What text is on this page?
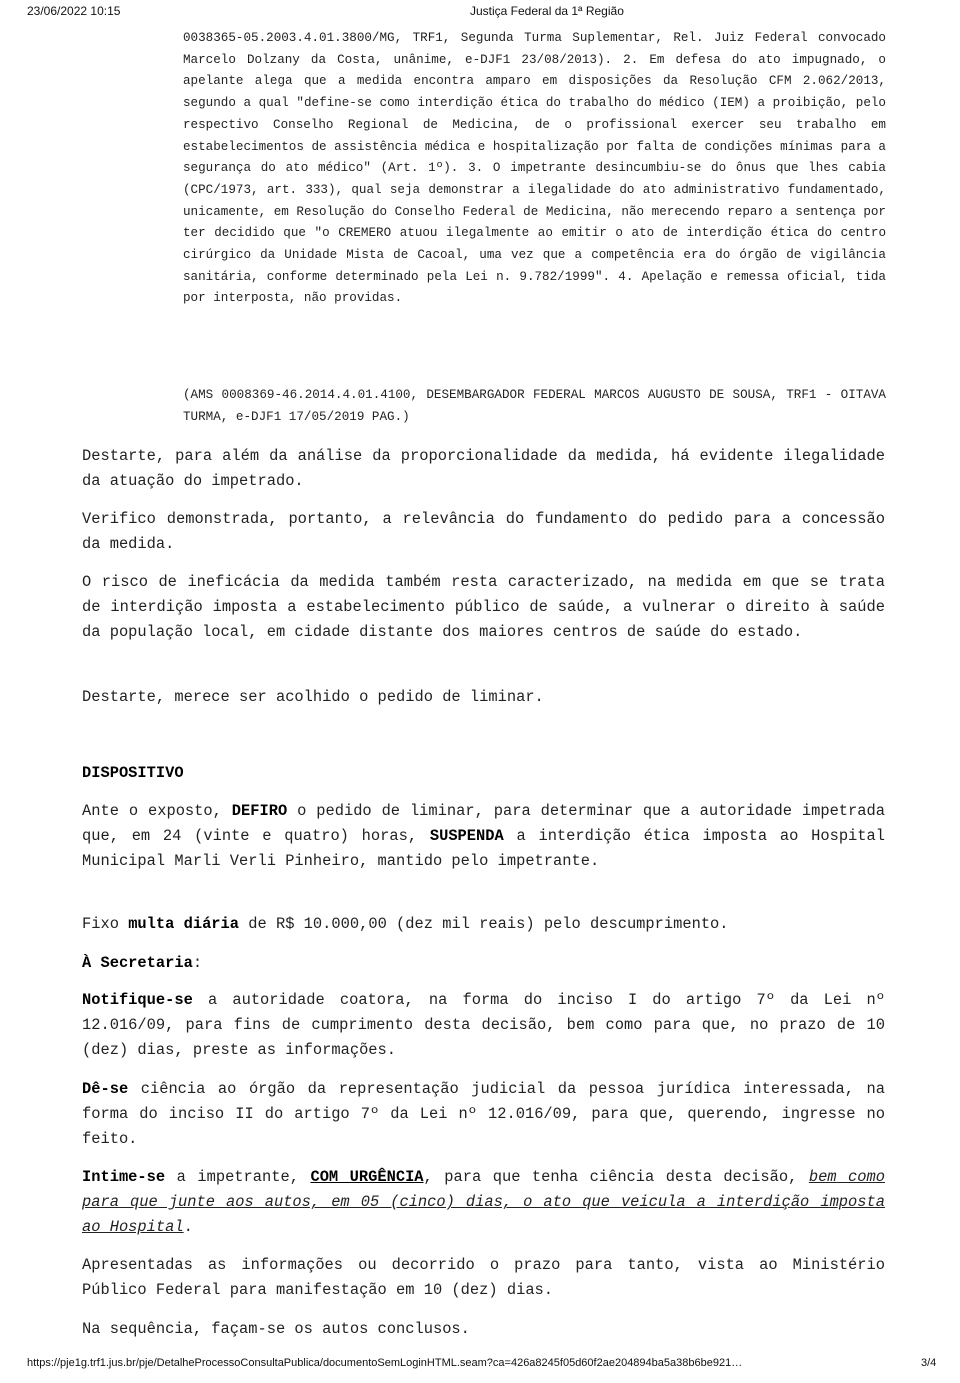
23/06/2022 10:15	Justiça Federal da 1ª Região

0038365-05.2003.4.01.3800/MG, TRF1, Segunda Turma Suplementar, Rel. Juiz Federal convocado Marcelo Dolzany da Costa, unânime, e-DJF1 23/08/2013). 2. Em defesa do ato impugnado, o apelante alega que a medida encontra amparo em disposições da Resolução CFM 2.062/2013, segundo a qual "define-se como interdição ética do trabalho do médico (IEM) a proibição, pelo respectivo Conselho Regional de Medicina, de o profissional exercer seu trabalho em estabelecimentos de assistência médica e hospitalização por falta de condições mínimas para a segurança do ato médico" (Art. 1º). 3. O impetrante desincumbiu-se do ônus que lhes cabia (CPC/1973, art. 333), qual seja demonstrar a ilegalidade do ato administrativo fundamentado, unicamente, em Resolução do Conselho Federal de Medicina, não merecendo reparo a sentença por ter decidido que "o CREMERO atuou ilegalmente ao emitir o ato de interdição ética do centro cirúrgico da Unidade Mista de Cacoal, uma vez que a competência era do órgão de vigilância sanitária, conforme determinado pela Lei n. 9.782/1999". 4. Apelação e remessa oficial, tida por interposta, não providas.

(AMS 0008369-46.2014.4.01.4100, DESEMBARGADOR FEDERAL MARCOS AUGUSTO DE SOUSA, TRF1 - OITAVA TURMA, e-DJF1 17/05/2019 PAG.)

Destarte, para além da análise da proporcionalidade da medida, há evidente ilegalidade da atuação do impetrado.

Verifico demonstrada, portanto, a relevância do fundamento do pedido para a concessão da medida.

O risco de ineficácia da medida também resta caracterizado, na medida em que se trata de interdição imposta a estabelecimento público de saúde, a vulnerar o direito à saúde da população local, em cidade distante dos maiores centros de saúde do estado.

Destarte, merece ser acolhido o pedido de liminar.

DISPOSITIVO

Ante o exposto, DEFIRO o pedido de liminar, para determinar que a autoridade impetrada que, em 24 (vinte e quatro) horas, SUSPENDA a interdição ética imposta ao Hospital Municipal Marli Verli Pinheiro, mantido pelo impetrante.

Fixo multa diária de R$ 10.000,00 (dez mil reais) pelo descumprimento.

À Secretaria:

Notifique-se a autoridade coatora, na forma do inciso I do artigo 7º da Lei nº 12.016/09, para fins de cumprimento desta decisão, bem como para que, no prazo de 10 (dez) dias, preste as informações.

Dê-se ciência ao órgão da representação judicial da pessoa jurídica interessada, na forma do inciso II do artigo 7º da Lei nº 12.016/09, para que, querendo, ingresse no feito.

Intime-se a impetrante, COM URGÊNCIA, para que tenha ciência desta decisão, bem como para que junte aos autos, em 05 (cinco) dias, o ato que veicula a interdição imposta ao Hospital.

Apresentadas as informações ou decorrido o prazo para tanto, vista ao Ministério Público Federal para manifestação em 10 (dez) dias.

Na sequência, façam-se os autos conclusos.

https://pje1g.trf1.jus.br/pje/DetalheProcessoConsultaPublica/documentoSemLoginHTML.seam?ca=426a8245f05d60f2ae204894ba5a38b6be921…	3/4
